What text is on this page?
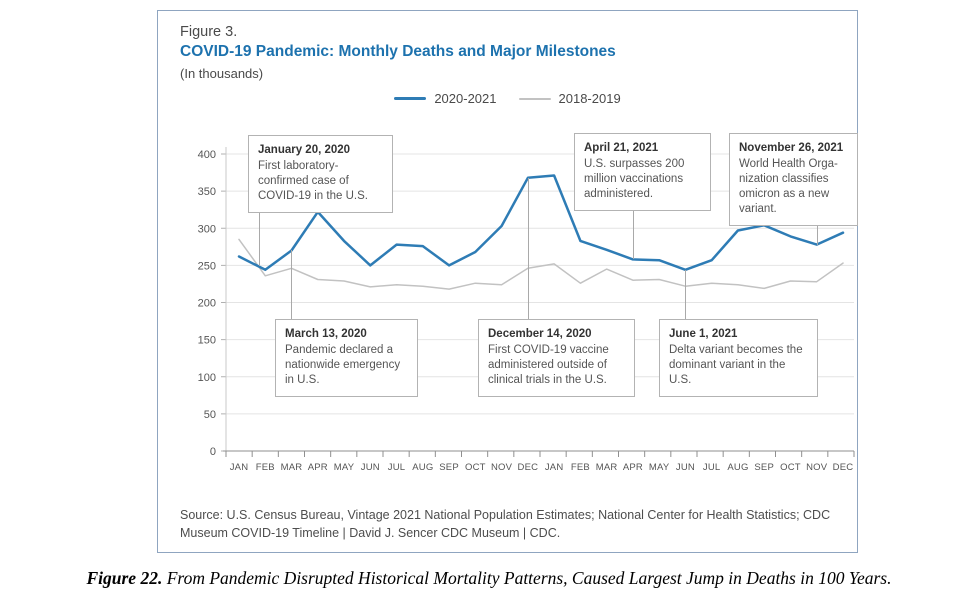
Figure 3.
COVID-19 Pandemic: Monthly Deaths and Major Milestones
(In thousands)
2020-2021	2018-2019
0
50
100
150
200
250
300
350
400
JAN FEB MAR APR MAY JUN JUL AUG SEP OCT NOV DEC JAN FEB MAR APR MAY JUN JUL AUG SEP OCT NOV DEC
January 20, 2020
First laboratory-confirmed case of COVID-19 in the U.S.
April 21, 2021
U.S. surpasses 200 million vaccinations administered.
November 26, 2021
World Health Organization classifies omicron as a new variant.
March 13, 2020
Pandemic declared a nationwide emergency in U.S.
December 14, 2020
First COVID-19 vaccine administered outside of clinical trials in the U.S.
June 1, 2021
Delta variant becomes the dominant variant in the U.S.
Source: U.S. Census Bureau, Vintage 2021 National Population Estimates; National Center for Health Statistics; CDC Museum COVID-19 Timeline | David J. Sencer CDC Museum | CDC.
Figure 22. From Pandemic Disrupted Historical Mortality Patterns, Caused Largest Jump in Deaths in 100 Years.
